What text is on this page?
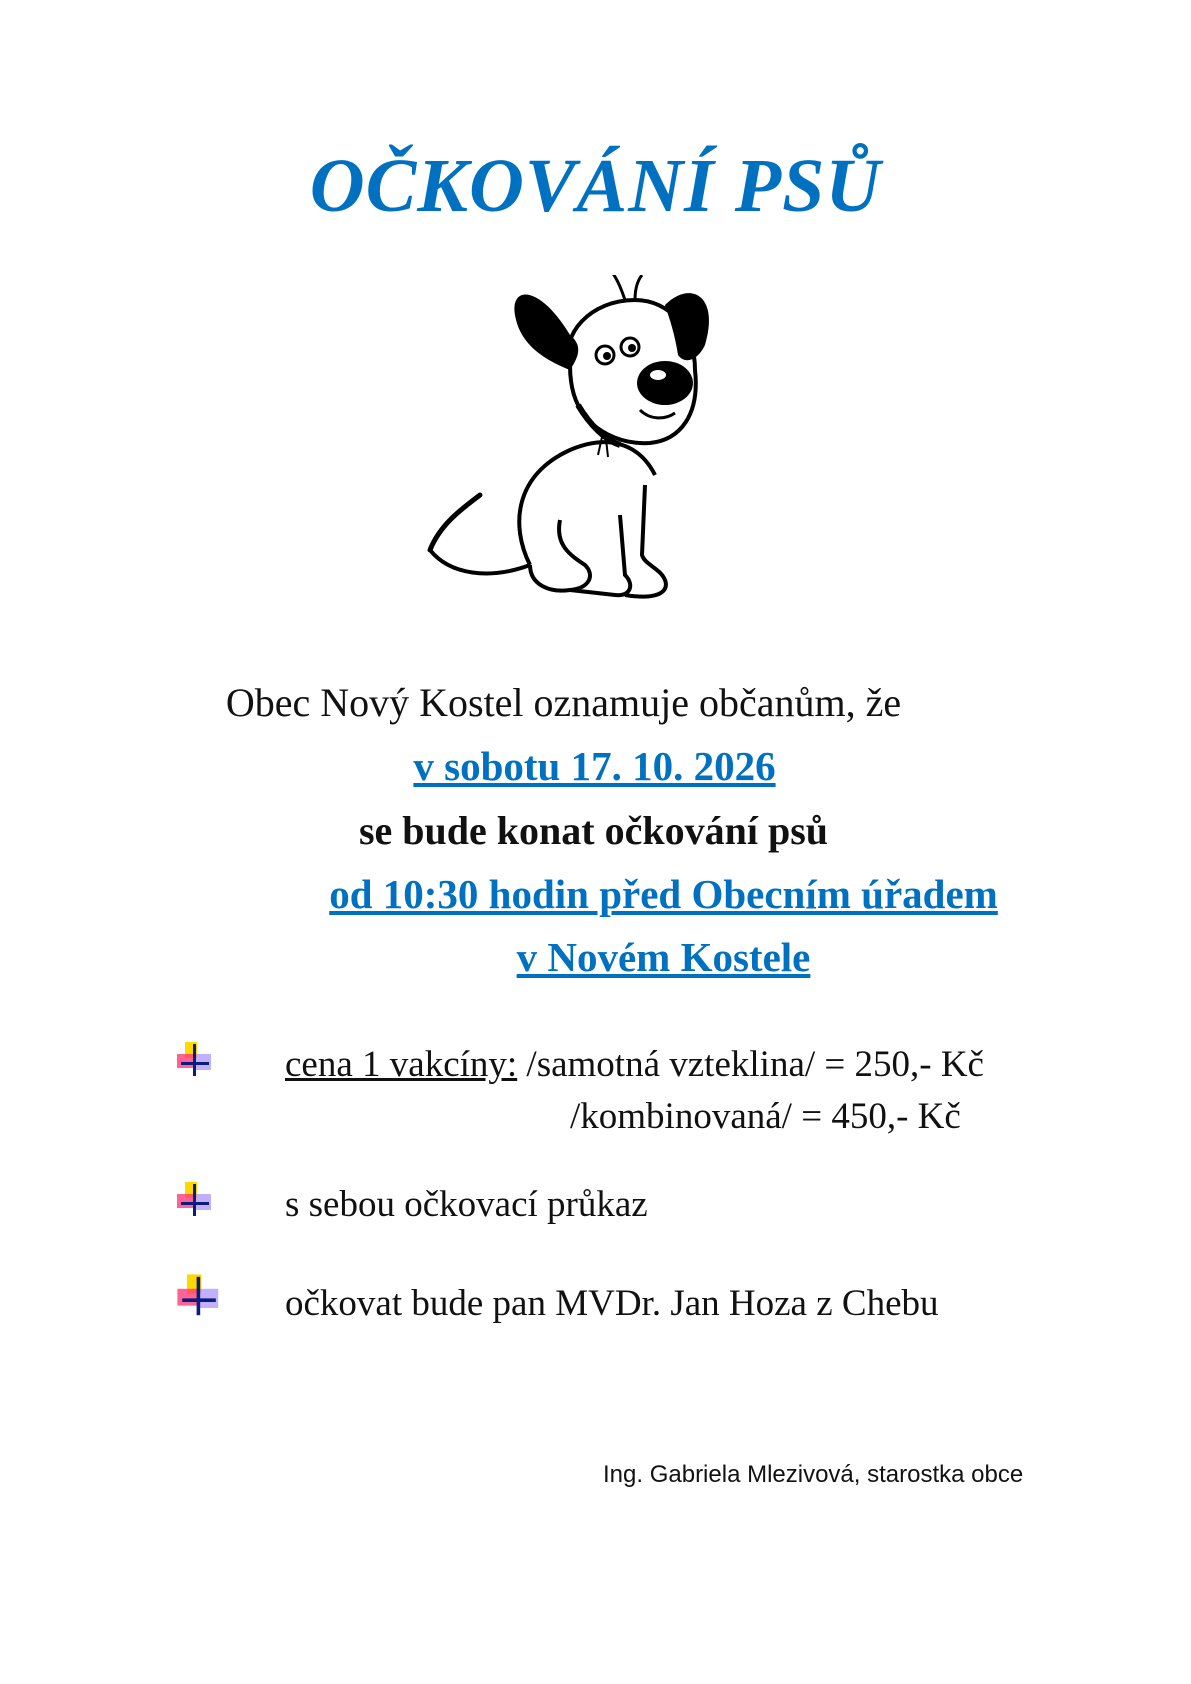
OČKOVÁNÍ PSŮ
Obec Nový Kostel oznamuje občanům, že
v sobotu 17. 10. 2026
se bude konat očkování psů
od 10:30 hodin před Obecním úřadem
v Novém Kostele
cena 1 vakcíny: /samotná vzteklina/ = 250,- Kč
/kombinovaná/ = 450,- Kč
s sebou očkovací průkaz
očkovat bude pan MVDr. Jan Hoza z Chebu
Ing. Gabriela Mlezivová, starostka obce
